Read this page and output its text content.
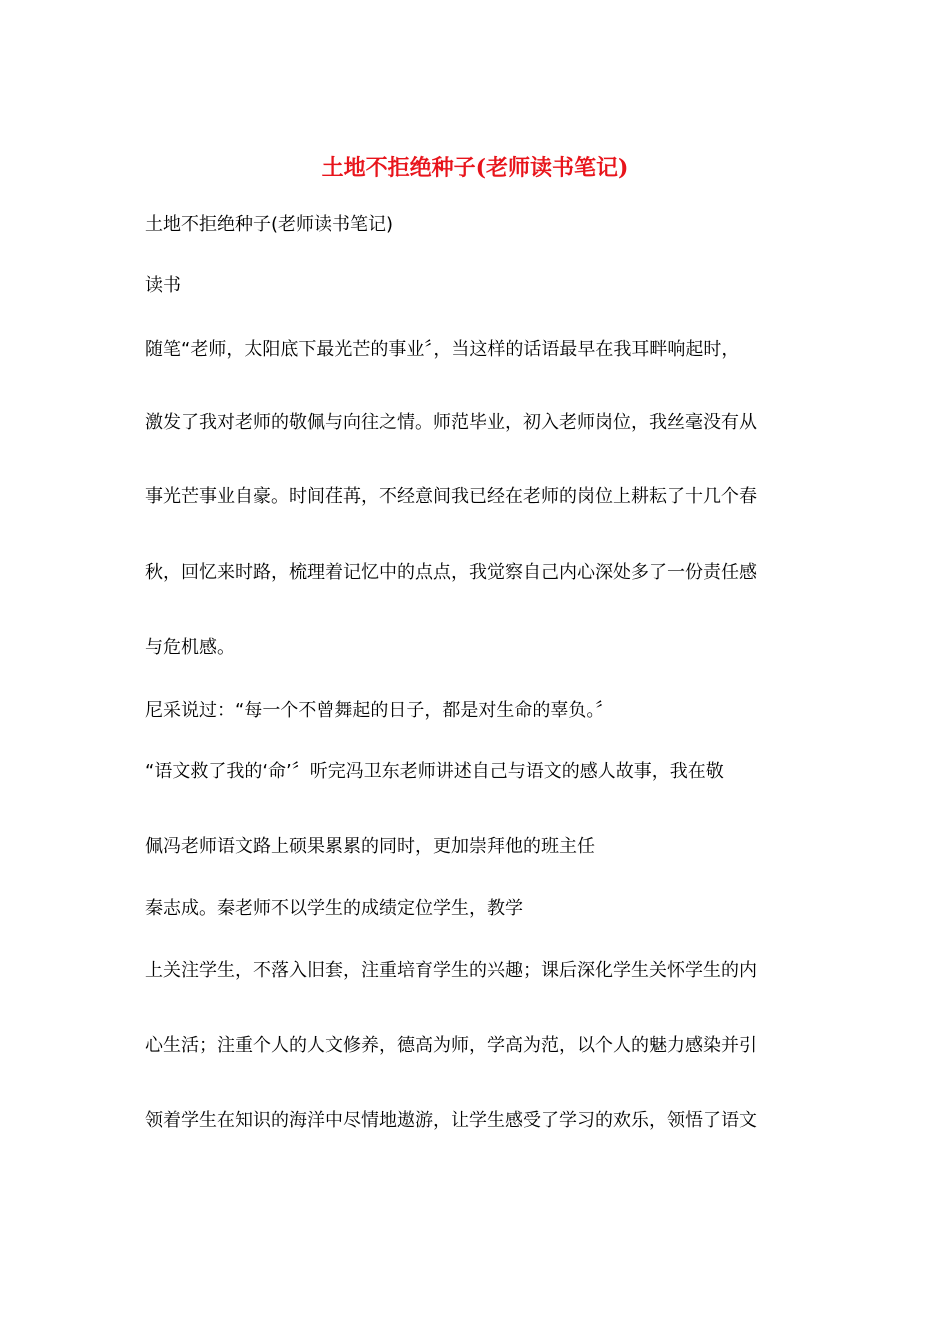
土地不拒绝种子(老师读书笔记)
土地不拒绝种子(老师读书笔记)
读书
随笔“老师，太阳底下最光芒的事业〞，当这样的话语最早在我耳畔响起时，
激发了我对老师的敬佩与向往之情。师范毕业，初入老师岗位，我丝毫没有从
事光芒事业自豪。时间荏苒，不经意间我已经在老师的岗位上耕耘了十几个春
秋，回忆来时路，梳理着记忆中的点点，我觉察自己内心深处多了一份责任感
与危机感。
尼采说过：“每一个不曾舞起的日子，都是对生命的辜负。〞
“语文救了我的‘命’〞听完冯卫东老师讲述自己与语文的感人故事，我在敬
佩冯老师语文路上硕果累累的同时，更加崇拜他的班主任
秦志成。秦老师不以学生的成绩定位学生，教学
上关注学生，不落入旧套，注重培育学生的兴趣；课后深化学生关怀学生的内
心生活；注重个人的人文修养，德高为师，学高为范，以个人的魅力感染并引
领着学生在知识的海洋中尽情地遨游，让学生感受了学习的欢乐，领悟了语文
